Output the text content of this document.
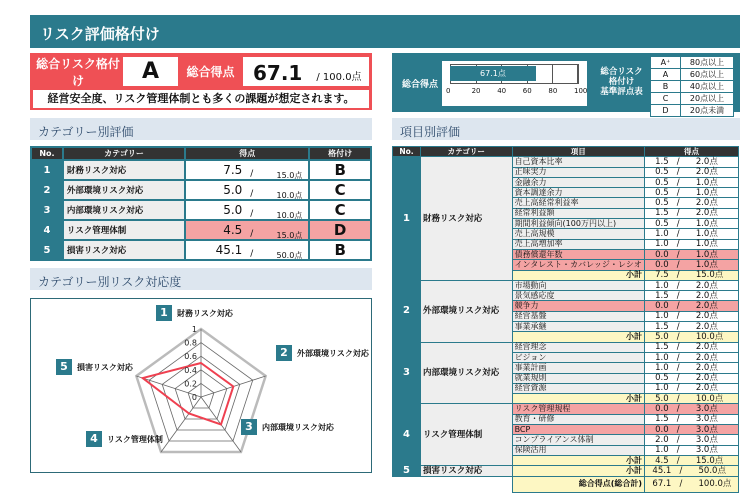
リスク評価格付け
総合リスク格付け	A	総合得点 67.1 / 100.0点
経営安全度、リスク管理体制とも多くの課題が想定されます。
カテゴリー別評価
No.	カテゴリー	得点	格付け
1	財務リスク対応	7.5 / 15.0点	B
2	外部環境リスク対応	5.0 / 10.0点	C
3	内部環境リスク対応	5.0 / 10.0点	C
4	リスク管理体制	4.5 / 15.0点	D
5	損害リスク対応	45.1 / 50.0点	B
カテゴリー別リスク対応度
0
0.2
0.4
0.6
0.8
1
1	財務リスク対応
2	外部環境リスク対応
3	内部環境リスク対応
4	リスク管理体制
5	損害リスク対応
総合得点
67.1点
0	20 40 60 80 100
総合リスク
格付け
基準評点表
A⁺	80点以上
A	60点以上
B	40点以上
C	20点以上
D	20点未満
項目別評価
No.	カテゴリー	項目	得点
1	財務リスク対応	自己資本比率	1.5   /      2.0点
		正味実力	0.5   /      2.0点
		金融余力	0.5   /      1.0点
		資本調達余力	0.5   /      1.0点
		売上高経常利益率	0.5   /      2.0点
		経常利益額	1.5   /      2.0点
		期間利益傾向(100万円以上)	0.5   /      1.0点
		売上高規模	1.0   /      1.0点
		売上高増加率	1.0   /      1.0点
		債務償還年数	0.0   /      1.0点
		インタレスト・カバレッジ・レシオ	0.0   /      1.0点
		小計	7.5   /      15.0点
2	外部環境リスク対応	市場動向	1.0   /      2.0点
		景気感応度	1.5   /      2.0点
		競争力	0.0   /      2.0点
		経営基盤	1.0   /      2.0点
		事業承継	1.5   /      2.0点
		小計	5.0   /      10.0点
3	内部環境リスク対応	経営理念	1.5   /      2.0点
		ビジョン	1.0   /      2.0点
		事業計画	1.0   /      2.0点
		就業規則	0.5   /      2.0点
		経営資源	1.0   /      2.0点
		小計	5.0   /      10.0点
4	リスク管理体制	リスク管理規程	0.0   /      3.0点
		教育・研修	1.5   /      3.0点
		BCP	0.0   /      3.0点
		コンプライアンス体制	2.0   /      3.0点
		保険活用	1.0   /      3.0点
		小計	4.5   /      15.0点
5	損害リスク対応	小計	45.1   /      50.0点
		総合得点(総合計)	67.1   /      100.0点
